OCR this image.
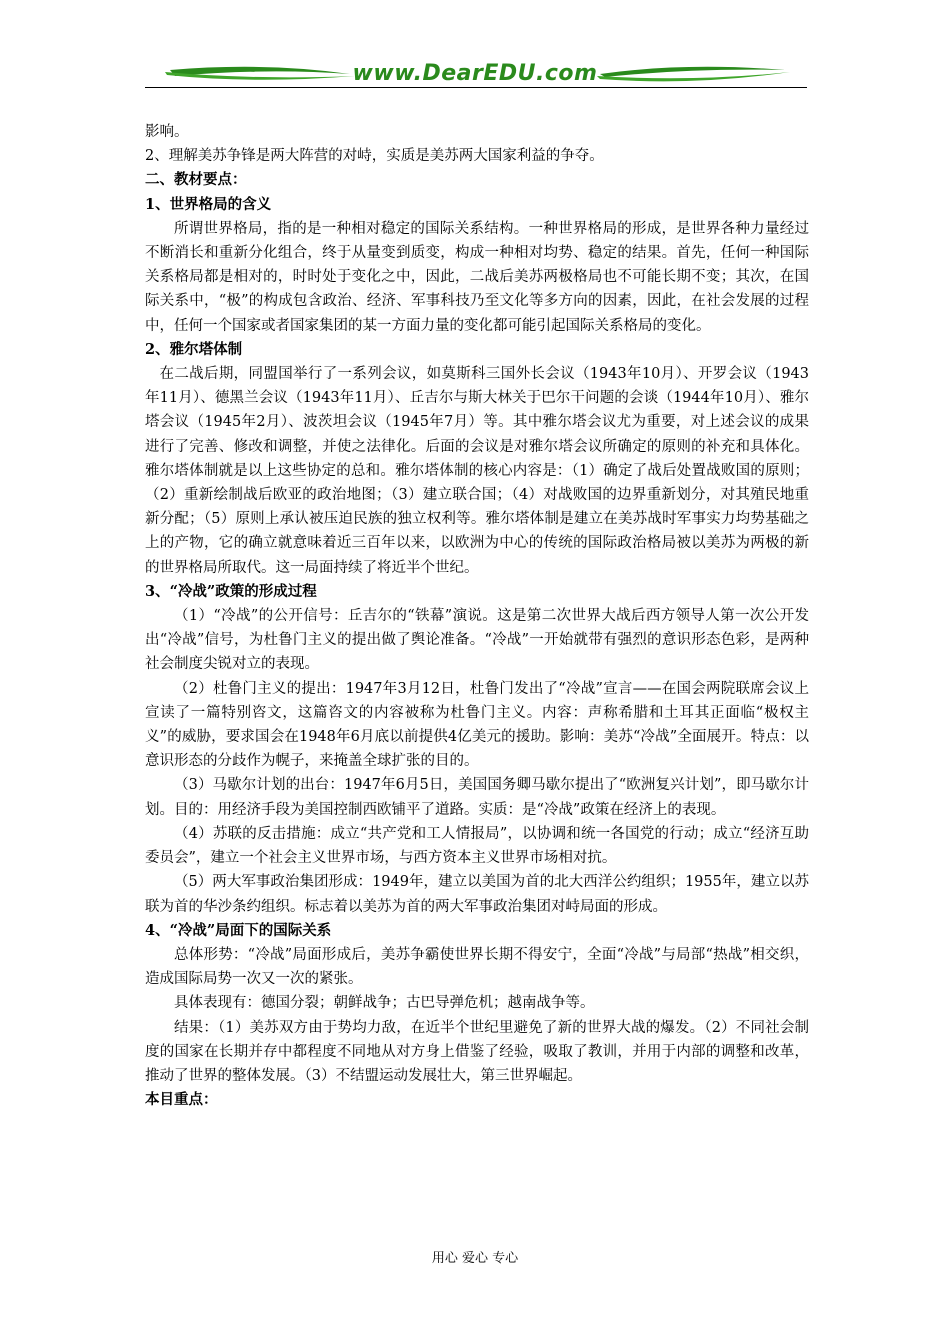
www.DearEDU.com

影响。

2、理解美苏争锋是两大阵营的对峙，实质是美苏两大国家利益的争夺。

二、教材要点：

1、世界格局的含义

所谓世界格局，指的是一种相对稳定的国际关系结构。一种世界格局的形成，是世界各种力量经过不断消长和重新分化组合，终于从量变到质变，构成一种相对均势、稳定的结果。首先，任何一种国际关系格局都是相对的，时时处于变化之中，因此，二战后美苏两极格局也不可能长期不变；其次，在国际关系中，“极”的构成包含政治、经济、军事科技乃至文化等多方向的因素，因此，在社会发展的过程中，任何一个国家或者国家集团的某一方面力量的变化都可能引起国际关系格局的变化。

2、雅尔塔体制

在二战后期，同盟国举行了一系列会议，如莫斯科三国外长会议（1943年10月）、开罗会议（1943年11月）、德黑兰会议（1943年11月）、丘吉尔与斯大林关于巴尔干问题的会谈（1944年10月）、雅尔塔会议（1945年2月）、波茨坦会议（1945年7月）等。其中雅尔塔会议尤为重要，对上述会议的成果进行了完善、修改和调整，并使之法律化。后面的会议是对雅尔塔会议所确定的原则的补充和具体化。雅尔塔体制就是以上这些协定的总和。雅尔塔体制的核心内容是：（1）确定了战后处置战败国的原则；（2）重新绘制战后欧亚的政治地图；（3）建立联合国；（4）对战败国的边界重新划分，对其殖民地重新分配；（5）原则上承认被压迫民族的独立权利等。雅尔塔体制是建立在美苏战时军事实力均势基础之上的产物，它的确立就意味着近三百年以来，以欧洲为中心的传统的国际政治格局被以美苏为两极的新的世界格局所取代。这一局面持续了将近半个世纪。

3、“冷战”政策的形成过程

（1）“冷战”的公开信号：丘吉尔的“铁幕”演说。这是第二次世界大战后西方领导人第一次公开发出“冷战”信号，为杜鲁门主义的提出做了舆论准备。“冷战”一开始就带有强烈的意识形态色彩，是两种社会制度尖锐对立的表现。

（2）杜鲁门主义的提出：1947年3月12日，杜鲁门发出了“冷战”宣言——在国会两院联席会议上宣读了一篇特别咨文，这篇咨文的内容被称为杜鲁门主义。内容：声称希腊和土耳其正面临“极权主义”的威胁，要求国会在1948年6月底以前提供4亿美元的援助。影响：美苏“冷战”全面展开。特点：以意识形态的分歧作为幌子，来掩盖全球扩张的目的。

（3）马歇尔计划的出台：1947年6月5日，美国国务卿马歇尔提出了“欧洲复兴计划”，即马歇尔计划。目的：用经济手段为美国控制西欧铺平了道路。实质：是“冷战”政策在经济上的表现。

（4）苏联的反击措施：成立“共产党和工人情报局”，以协调和统一各国党的行动；成立“经济互助委员会”，建立一个社会主义世界市场，与西方资本主义世界市场相对抗。

（5）两大军事政治集团形成：1949年，建立以美国为首的北大西洋公约组织；1955年，建立以苏联为首的华沙条约组织。标志着以美苏为首的两大军事政治集团对峙局面的形成。

4、“冷战”局面下的国际关系

总体形势：“冷战”局面形成后，美苏争霸使世界长期不得安宁，全面“冷战”与局部“热战”相交织，造成国际局势一次又一次的紧张。

具体表现有：德国分裂；朝鲜战争；古巴导弹危机；越南战争等。

结果：（1）美苏双方由于势均力敌，在近半个世纪里避免了新的世界大战的爆发。（2）不同社会制度的国家在长期并存中都程度不同地从对方身上借鉴了经验，吸取了教训，并用于内部的调整和改革，推动了世界的整体发展。（3）不结盟运动发展壮大，第三世界崛起。

本目重点：

用心 爱心 专心
